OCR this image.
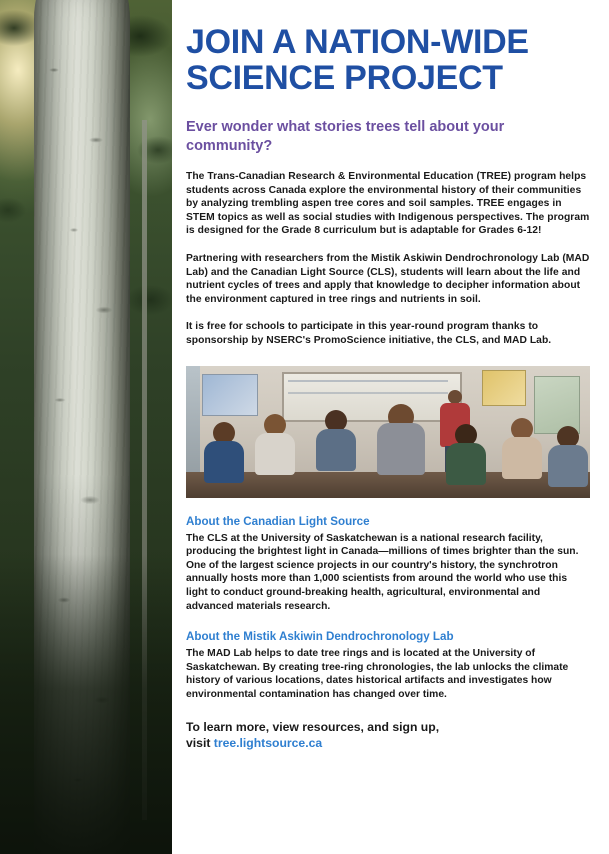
JOIN A NATION-WIDE SCIENCE PROJECT
Ever wonder what stories trees tell about your community?

The Trans-Canadian Research & Environmental Education (TREE) program helps students across Canada explore the environmental history of their communities by analyzing trembling aspen tree cores and soil samples. TREE engages in STEM topics as well as social studies with Indigenous perspectives. The program is designed for the Grade 8 curriculum but is adaptable for Grades 6-12!

Partnering with researchers from the Mistik Askiwin Dendrochronology Lab (MAD Lab) and the Canadian Light Source (CLS), students will learn about the life and nutrient cycles of trees and apply that knowledge to decipher information about the environment captured in tree rings and nutrients in soil.

It is free for schools to participate in this year-round program thanks to sponsorship by NSERC's PromoScience initiative, the CLS, and MAD Lab.

About the Canadian Light Source

The CLS at the University of Saskatchewan is a national research facility, producing the brightest light in Canada—millions of times brighter than the sun. One of the largest science projects in our country's history, the synchrotron annually hosts more than 1,000 scientists from around the world who use this light to conduct ground-breaking health, agricultural, environmental and advanced materials research.

About the Mistik Askiwin Dendrochronology Lab

The MAD Lab helps to date tree rings and is located at the University of Saskatchewan. By creating tree-ring chronologies, the lab unlocks the climate history of various locations, dates historical artifacts and investigates how environmental contamination has changed over time.

To learn more, view resources, and sign up,
visit tree.lightsource.ca
